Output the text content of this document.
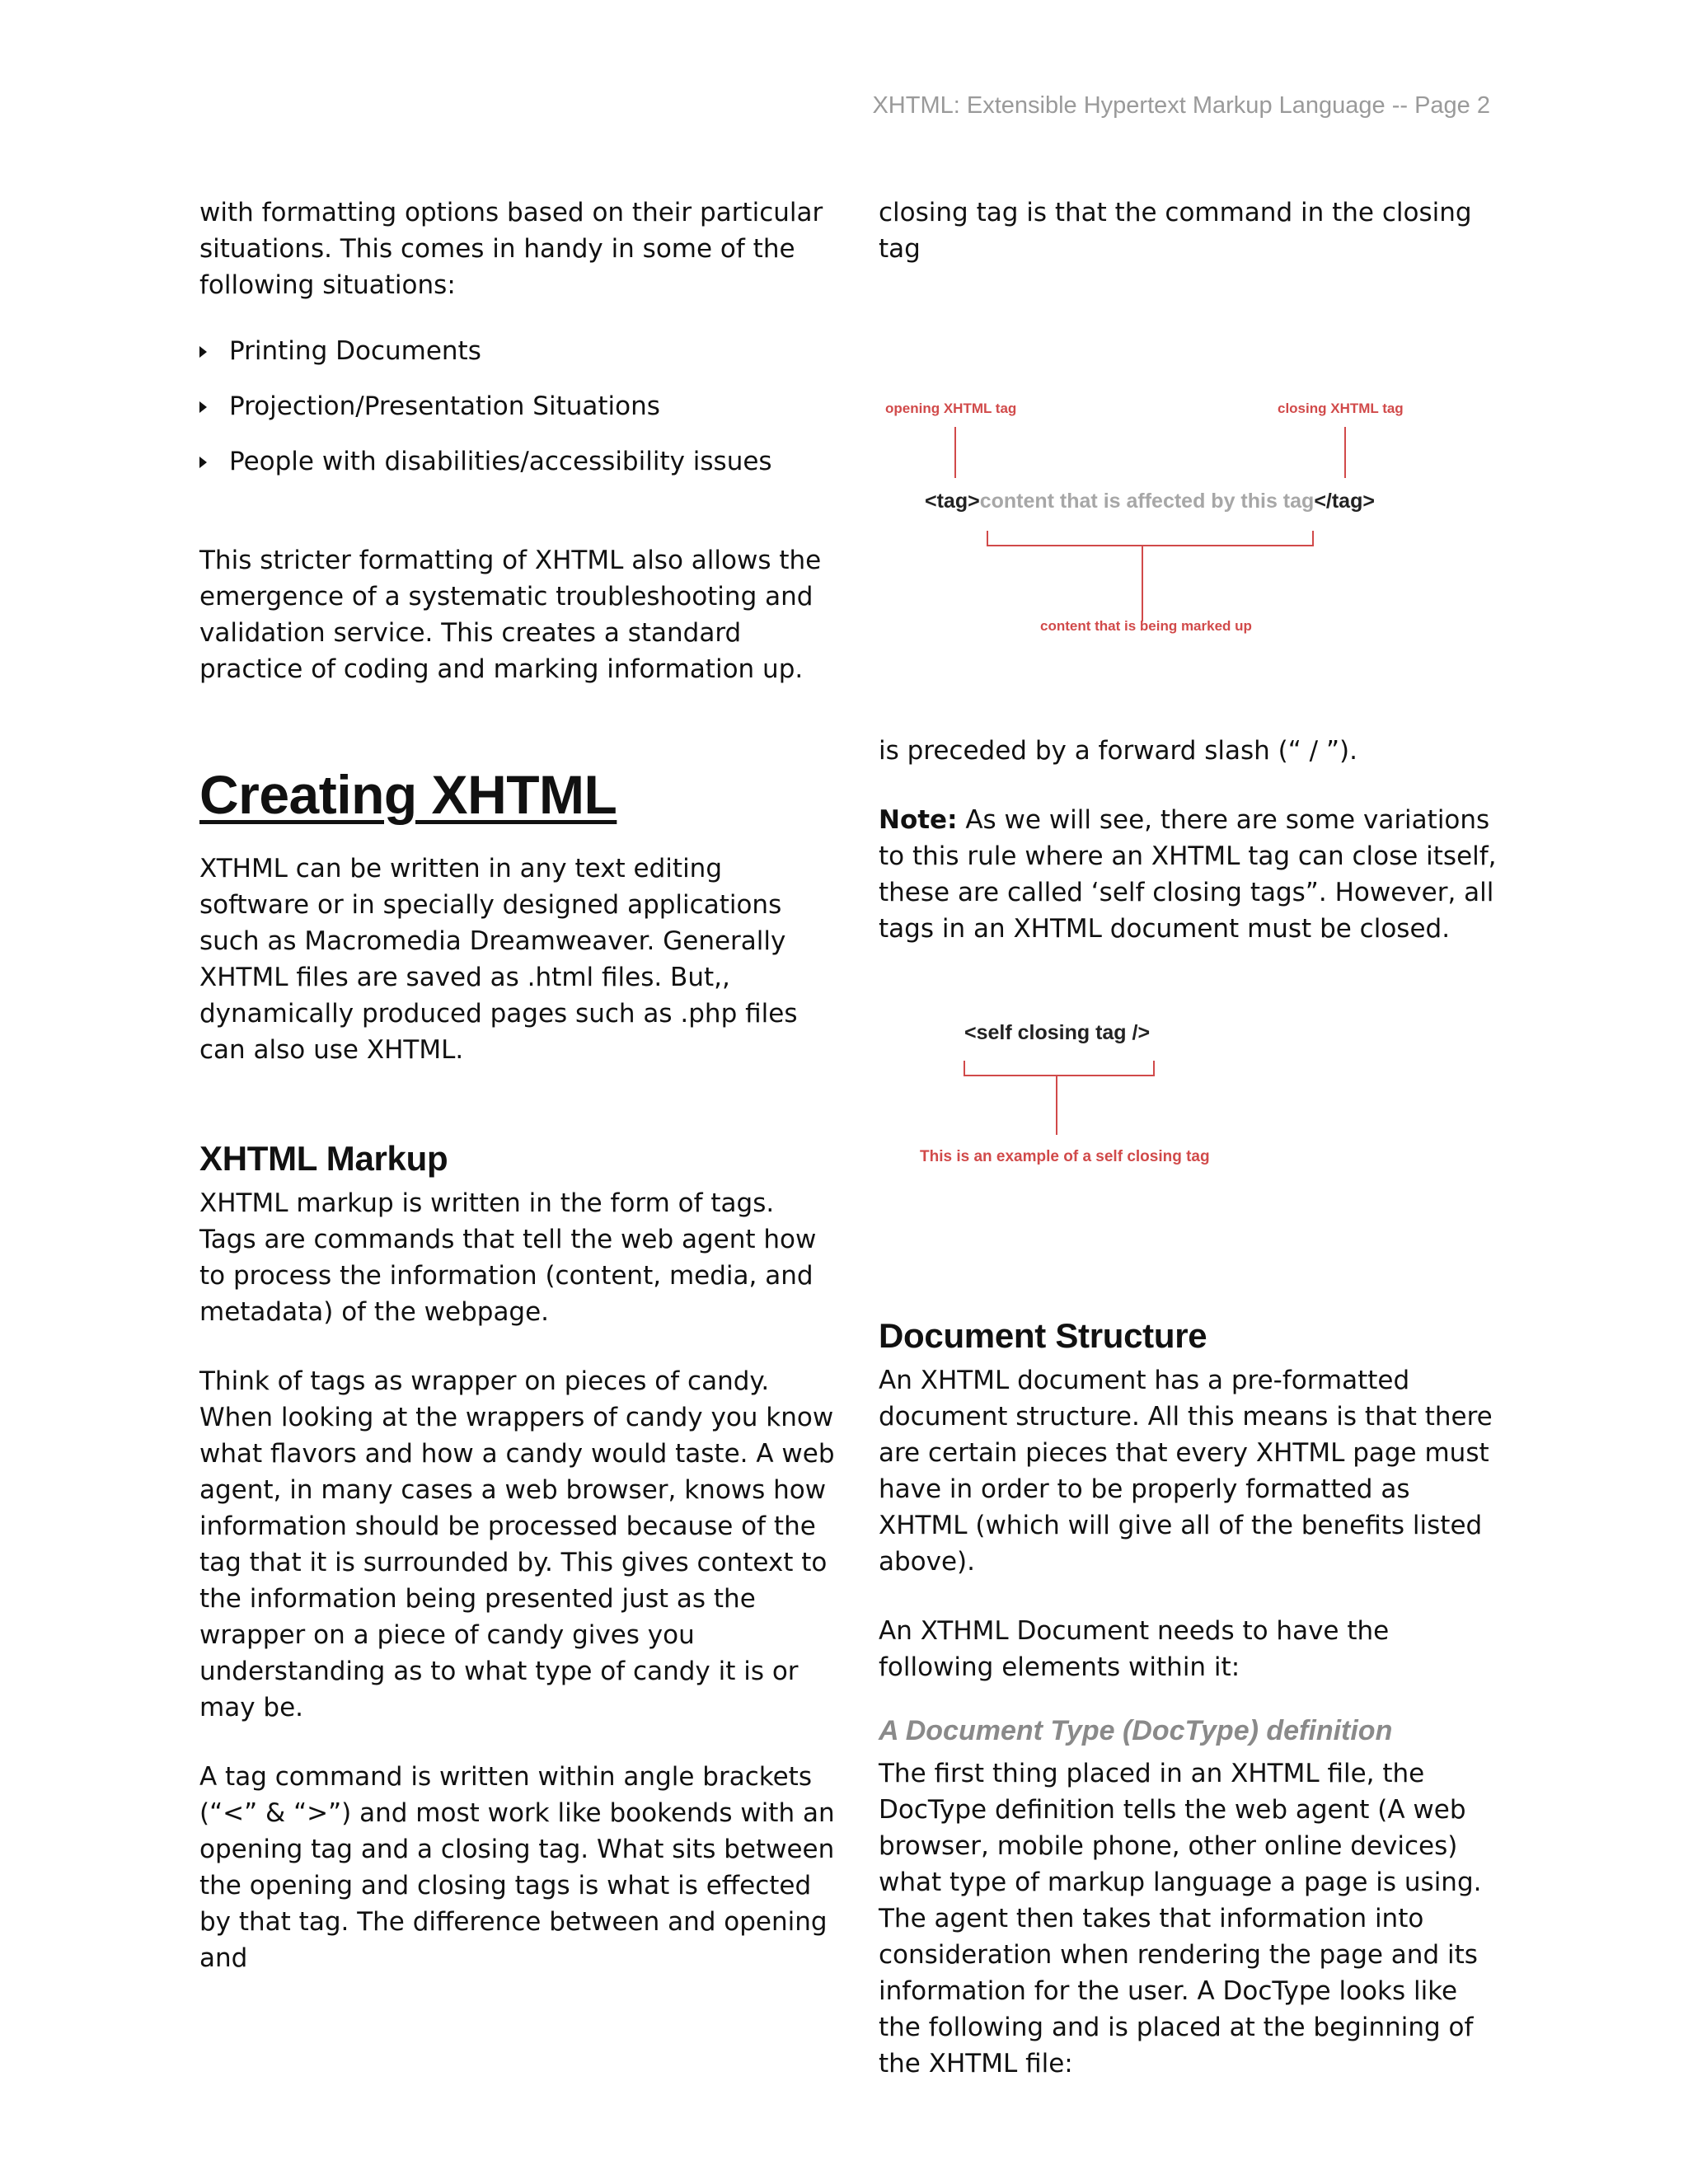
XHTML: Extensible Hypertext Markup Language -- Page 2

with formatting options based on their particular situations. This comes in handy in some of the following situations:

Printing Documents
Projection/Presentation Situations
People with disabilities/accessibility issues

This stricter formatting of XHTML also allows the emergence of a systematic troubleshooting and validation service. This creates a standard practice of coding and marking information up.

Creating XHTML

XTHML can be written in any text editing software or in specially designed applications such as Macromedia Dreamweaver. Generally XHTML files are saved as .html files. But,, dynamically produced pages such as .php files can also use XHTML.

XHTML Markup

XHTML markup is written in the form of tags. Tags are commands that tell the web agent how to process the information (content, media, and metadata) of the webpage.

Think of tags as wrapper on pieces of candy. When looking at the wrappers of candy you know what flavors and how a candy would taste. A web agent, in many cases a web browser, knows how information should be processed because of the tag that it is surrounded by. This gives context to the information being presented just as the wrapper on a piece of candy gives you understanding as to what type of candy it is or may be.

A tag command is written within angle brackets (“<” & “>”) and most work like bookends with an opening tag and a closing tag. What sits between the opening and closing tags is what is effected by that tag. The difference between and opening and

closing tag is that the command in the closing tag

opening XHTML tag	closing XHTML tag
<tag>content that is affected by this tag</tag>
content that is being marked up

is preceded by a forward slash (“ / ”).

Note: As we will see, there are some variations to this rule where an XHTML tag can close itself, these are called ‘self closing tags”. However, all tags in an XHTML document must be closed.

<self closing tag />
This is an example of a self closing tag
Document Structure

An XHTML document has a pre-formatted document structure. All this means is that there are certain pieces that every XHTML page must have in order to be properly formatted as XHTML (which will give all of the benefits listed above).

An XTHML Document needs to have the following elements within it:

A Document Type (DocType) definition

The first thing placed in an XHTML file, the DocType definition tells the web agent (A web browser, mobile phone, other online devices) what type of markup language a page is using. The agent then takes that information into consideration when rendering the page and its information for the user. A DocType looks like the following and is placed at the beginning of the XHTML file:
